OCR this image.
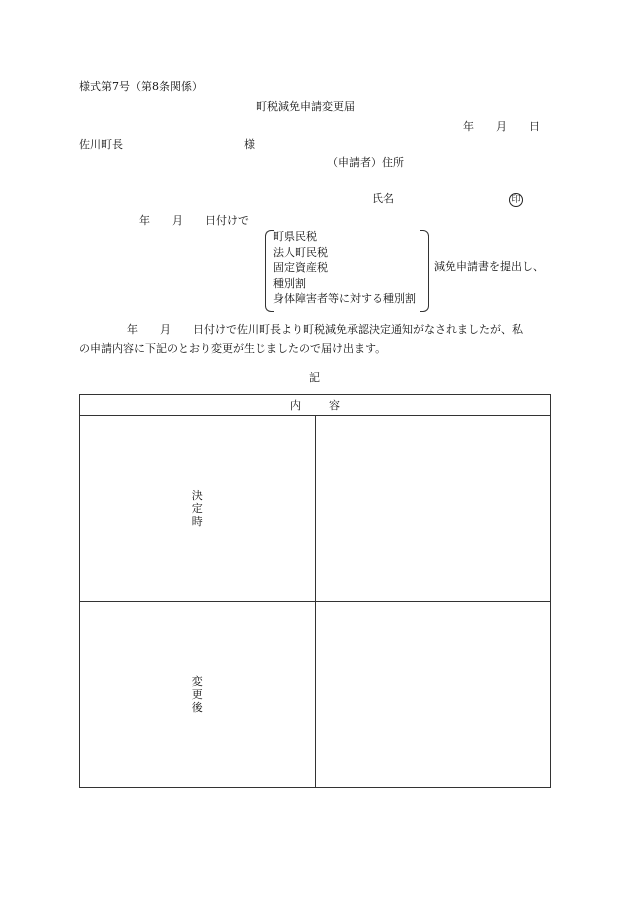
様式第7号（第8条関係）
町税減免申請変更届
年　　月　　日
佐川町長	様
（申請者）住所
氏名	印
年　　月　　日付けで
町県民税
法人町民税
固定資産税
種別割
身体障害者等に対する種別割
減免申請書を提出し、
年　　月　　日付けで佐川町長より町税減免承認決定通知がなされましたが、私
の申請内容に下記のとおり変更が生じましたので届け出ます。
記
内容	
決定時	
変更後	
